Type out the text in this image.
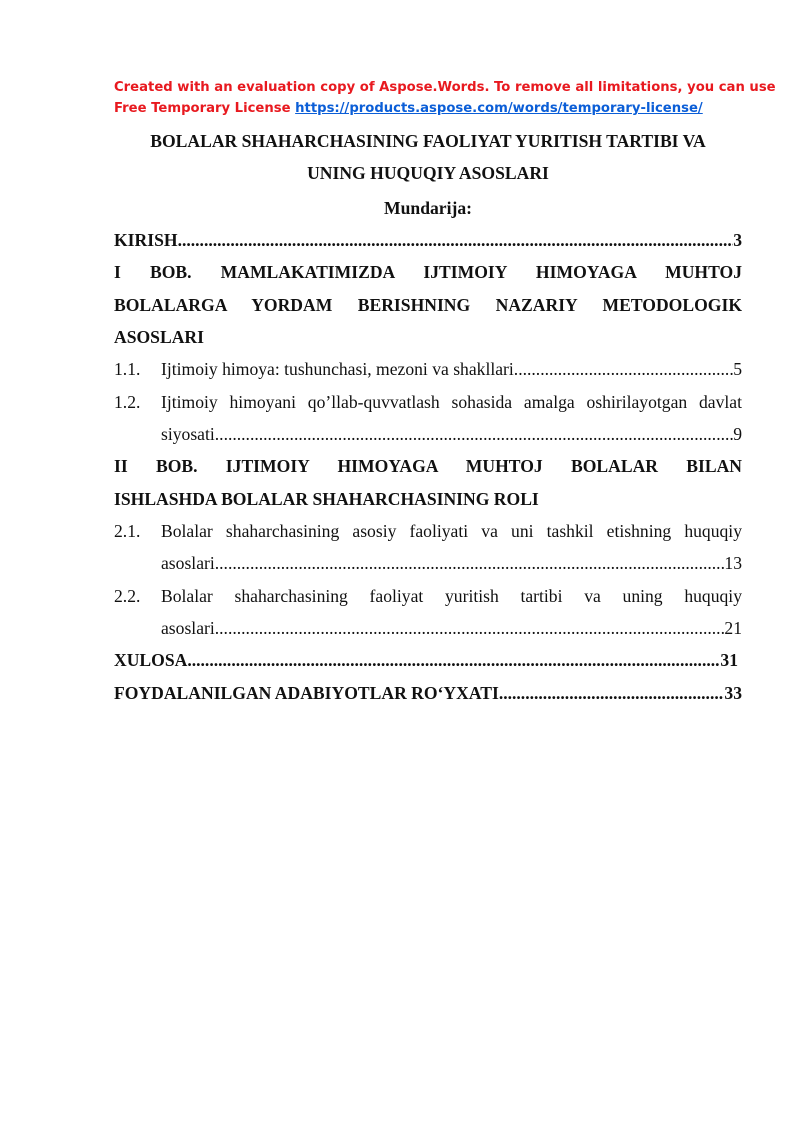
Created with an evaluation copy of Aspose.Words. To remove all limitations, you can use
Free Temporary License https://products.aspose.com/words/temporary-license/
BOLALAR SHAHARCHASINING FAOLIYAT YURITISH TARTIBI VA
UNING HUQUQIY ASOSLARI
Mundarija:
KIRISH .....	3
I BOB. MAMLAKATIMIZDA IJTIMOIY HIMOYAGA MUHTOJ
BOLALARGA YORDAM BERISHNING NAZARIY METODOLOGIK
ASOSLARI
1.1. Ijtimoiy himoya: tushunchasi, mezoni va shakllari .....	5
1.2. Ijtimoiy himoyani qo’llab-quvvatlash sohasida amalga oshirilayotgan davlat
siyosati .....	9
II BOB. IJTIMOIY HIMOYAGA MUHTOJ BOLALAR BILAN
ISHLASHDA BOLALAR SHAHARCHASINING ROLI
2.1. Bolalar shaharchasining asosiy faoliyati va uni tashkil etishning huquqiy
asoslari .....	13
2.2. Bolalar shaharchasining faoliyat yuritish tartibi va uning huquqiy
asoslari .....	21
XULOSA .....	31
FOYDALANILGAN ADABIYOTLAR RO‘YXATI .....	33
